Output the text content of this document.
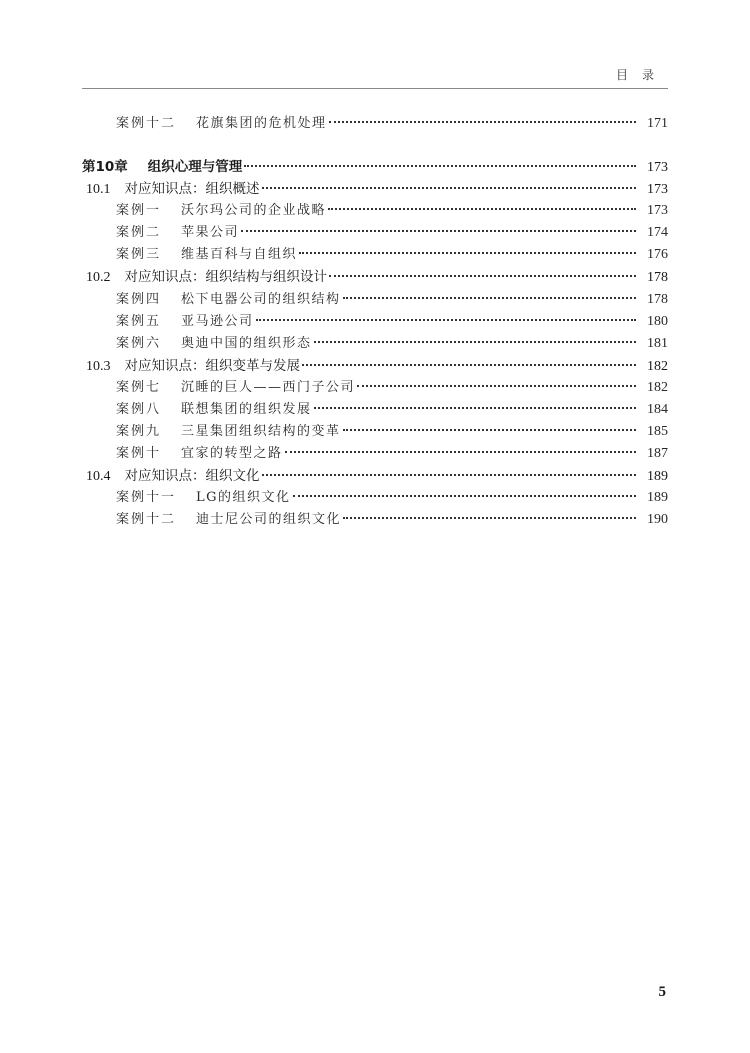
目录
案例十二 花旗集团的危机处理	171
第10章 组织心理与管理	173
10.1 对应知识点：组织概述	173
案例一 沃尔玛公司的企业战略	173
案例二 苹果公司	174
案例三 维基百科与自组织	176
10.2 对应知识点：组织结构与组织设计	178
案例四 松下电器公司的组织结构	178
案例五 亚马逊公司	180
案例六 奥迪中国的组织形态	181
10.3 对应知识点：组织变革与发展	182
案例七 沉睡的巨人——西门子公司	182
案例八 联想集团的组织发展	184
案例九 三星集团组织结构的变革	185
案例十 宜家的转型之路	187
10.4 对应知识点：组织文化	189
案例十一 LG的组织文化	189
案例十二 迪士尼公司的组织文化	190
5
